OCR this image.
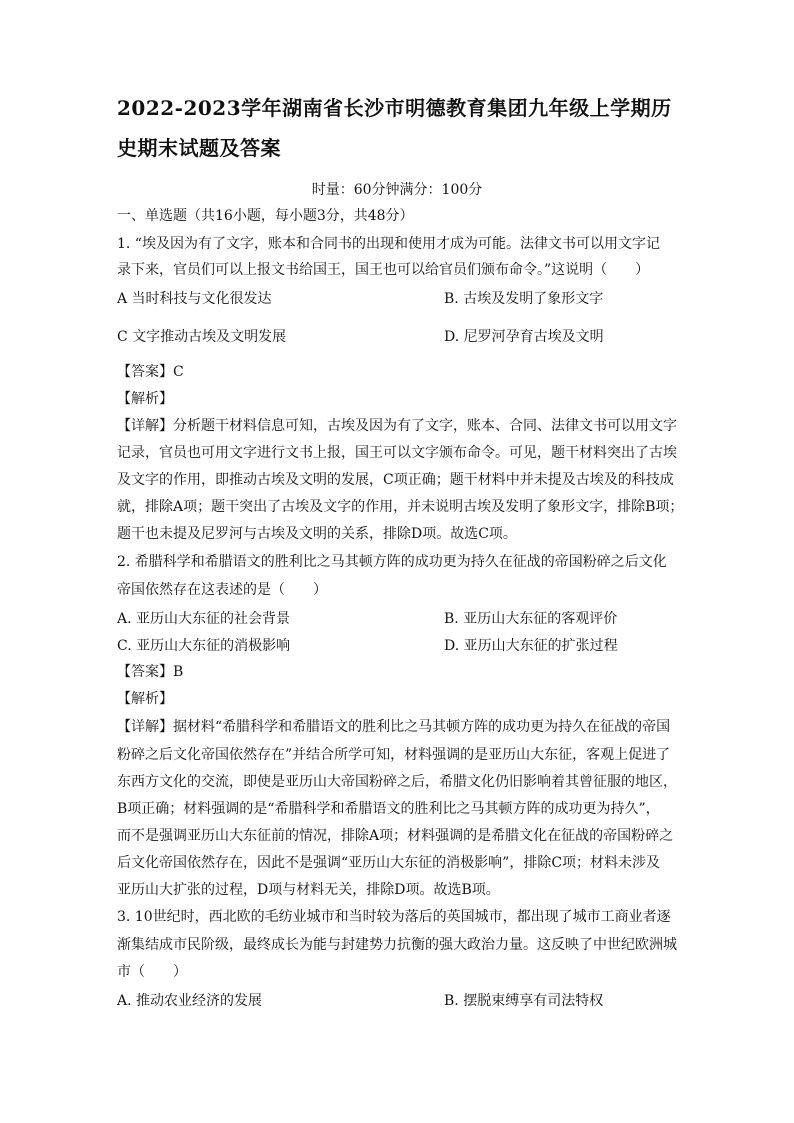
2022-2023学年湖南省长沙市明德教育集团九年级上学期历
史期末试题及答案
时量：60分钟满分：100分
一、单选题（共16小题，每小题3分，共48分）
1. “埃及因为有了文字，账本和合同书的出现和使用才成为可能。法律文书可以用文字记
录下来，官员们可以上报文书给国王，国王也可以给官员们颁布命令。”这说明（　　）
A 当时科技与文化很发达	B. 古埃及发明了象形文字
C 文字推动古埃及文明发展	D. 尼罗河孕育古埃及文明
【答案】C
【解析】
【详解】分析题干材料信息可知，古埃及因为有了文字，账本、合同、法律文书可以用文字
记录，官员也可用文字进行文书上报，国王可以文字颁布命令。可见，题干材料突出了古埃
及文字的作用，即推动古埃及文明的发展，C项正确；题干材料中并未提及古埃及的科技成
就，排除A项；题干突出了古埃及文字的作用，并未说明古埃及发明了象形文字，排除B项；
题干也未提及尼罗河与古埃及文明的关系，排除D项。故选C项。
2. 希腊科学和希腊语文的胜利比之马其顿方阵的成功更为持久在征战的帝国粉碎之后文化
帝国依然存在这表述的是（　　）
A. 亚历山大东征的社会背景	B. 亚历山大东征的客观评价
C. 亚历山大东征的消极影响	D. 亚历山大东征的扩张过程
【答案】B
【解析】
【详解】据材料“希腊科学和希腊语文的胜利比之马其顿方阵的成功更为持久在征战的帝国
粉碎之后文化帝国依然存在”并结合所学可知，材料强调的是亚历山大东征，客观上促进了
东西方文化的交流，即使是亚历山大帝国粉碎之后，希腊文化仍旧影响着其曾征服的地区，
B项正确；材料强调的是“希腊科学和希腊语文的胜利比之马其顿方阵的成功更为持久”，
而不是强调亚历山大东征前的情况，排除A项；材料强调的是希腊文化在征战的帝国粉碎之
后文化帝国依然存在，因此不是强调“亚历山大东征的消极影响”，排除C项；材料未涉及
亚历山大扩张的过程，D项与材料无关，排除D项。故选B项。
3. 10世纪时，西北欧的毛纺业城市和当时较为落后的英国城市，都出现了城市工商业者逐
渐集结成市民阶级，最终成长为能与封建势力抗衡的强大政治力量。这反映了中世纪欧洲城
市（　　）
A. 推动农业经济的发展	B. 摆脱束缚享有司法特权
